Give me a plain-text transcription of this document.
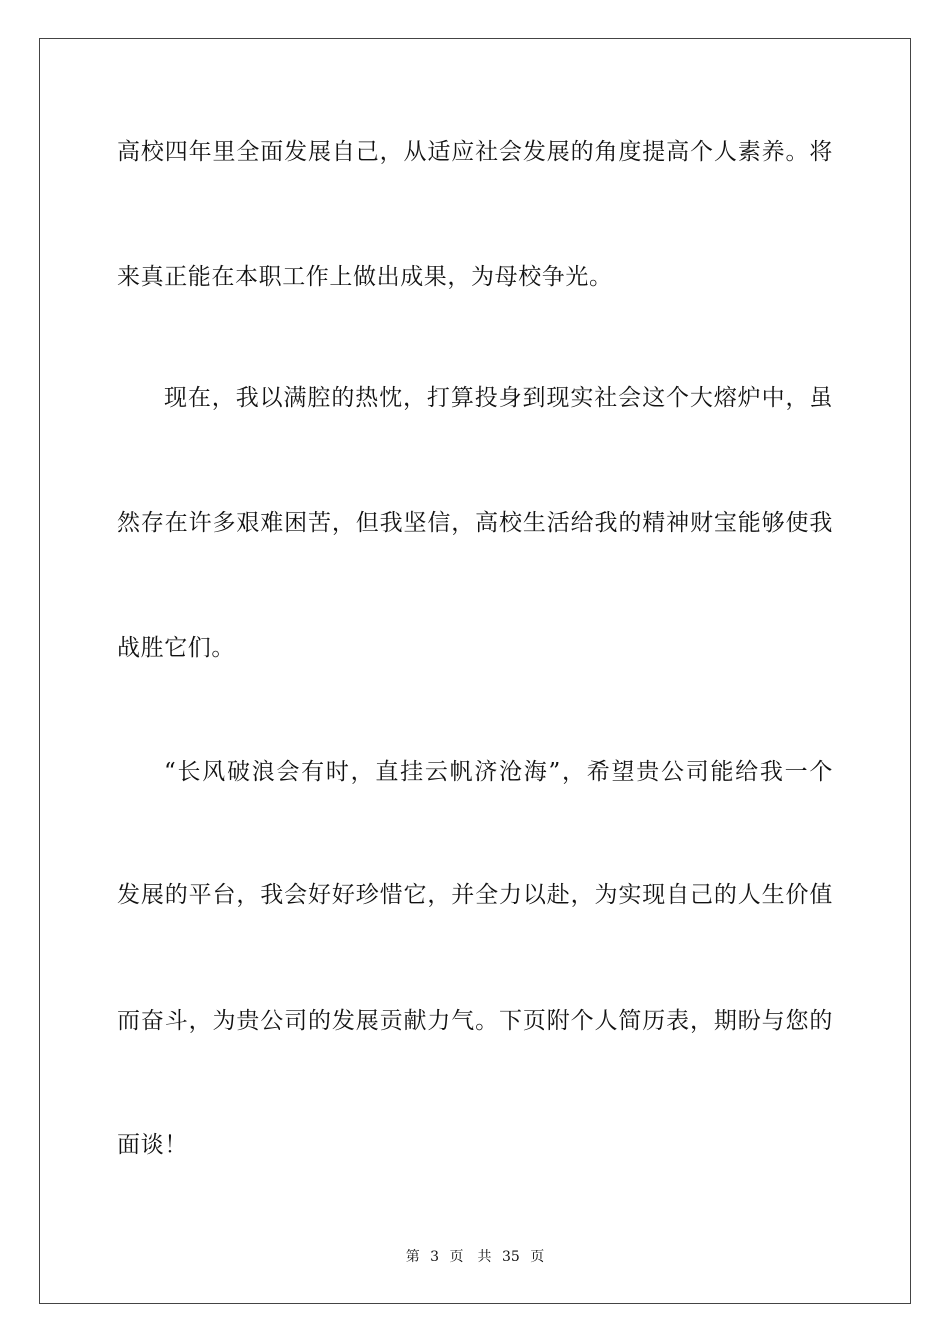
高校四年里全面发展自己，从适应社会发展的角度提高个人素养。将
来真正能在本职工作上做出成果，为母校争光。
现在，我以满腔的热忱，打算投身到现实社会这个大熔炉中，虽
然存在许多艰难困苦，但我坚信，高校生活给我的精神财宝能够使我
战胜它们。
“长风破浪会有时，直挂云帆济沧海”，希望贵公司能给我一个
发展的平台，我会好好珍惜它，并全力以赴，为实现自己的人生价值
而奋斗，为贵公司的发展贡献力气。下页附个人简历表，期盼与您的
面谈！
第 3 页　共 35 页
